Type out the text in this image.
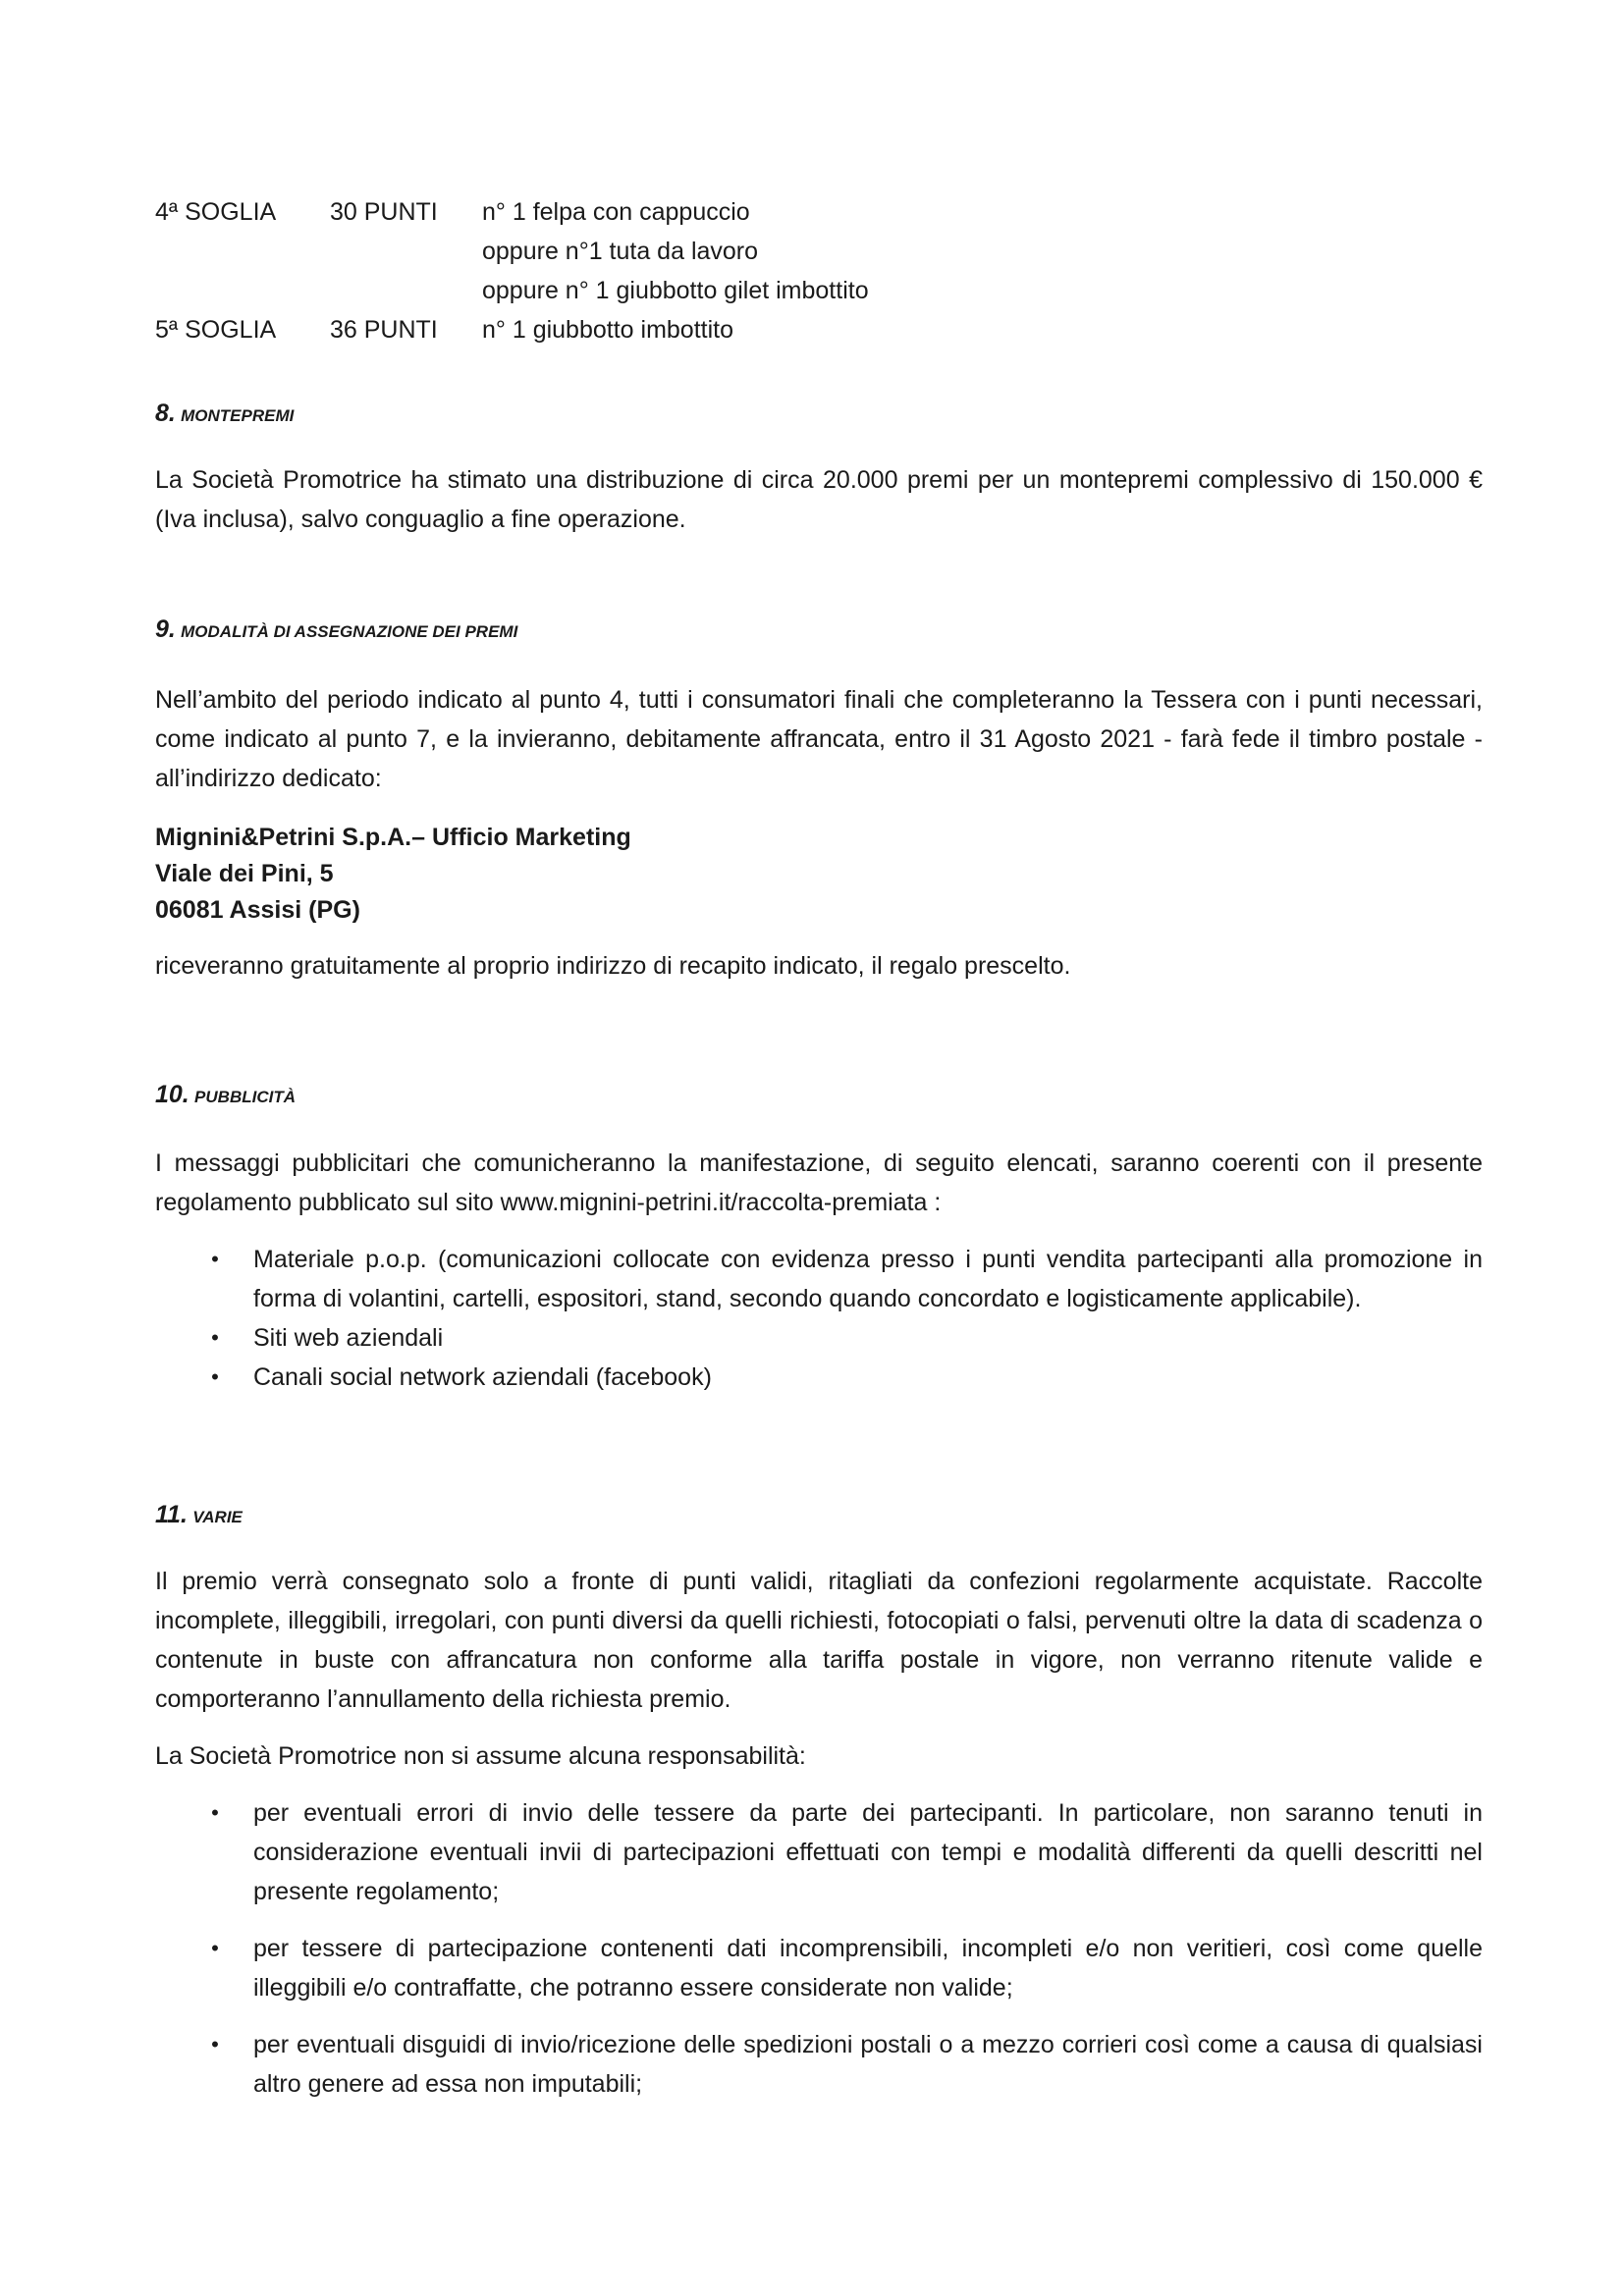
4ª SOGLIA	30 PUNTI	n° 1 felpa con cappuccio
oppure n°1 tuta da lavoro
oppure n° 1 giubbotto gilet imbottito
5ª SOGLIA	36 PUNTI	n° 1 giubbotto imbottito
8. MONTEPREMI

La Società Promotrice ha stimato una distribuzione di circa 20.000 premi per un montepremi complessivo di 150.000 € (Iva inclusa), salvo conguaglio a fine operazione.

9. MODALITÀ DI ASSEGNAZIONE DEI PREMI

Nell’ambito del periodo indicato al punto 4, tutti i consumatori finali che completeranno la Tessera con i punti necessari, come indicato al punto 7, e la invieranno, debitamente affrancata, entro il 31 Agosto 2021 - farà fede il timbro postale - all’indirizzo dedicato:

Mignini&Petrini S.p.A.– Ufficio Marketing
Viale dei Pini, 5
06081 Assisi (PG)

riceveranno gratuitamente al proprio indirizzo di recapito indicato, il regalo prescelto.

10. PUBBLICITÀ

I messaggi pubblicitari che comunicheranno la manifestazione, di seguito elencati, saranno coerenti con il presente regolamento pubblicato sul sito www.mignini-petrini.it/raccolta-premiata :

• Materiale p.o.p. (comunicazioni collocate con evidenza presso i punti vendita partecipanti alla promozione in forma di volantini, cartelli, espositori, stand, secondo quando concordato e logisticamente applicabile).
• Siti web aziendali
• Canali social network aziendali (facebook)
11. VARIE

Il premio verrà consegnato solo a fronte di punti validi, ritagliati da confezioni regolarmente acquistate. Raccolte incomplete, illeggibili, irregolari, con punti diversi da quelli richiesti, fotocopiati o falsi, pervenuti oltre la data di scadenza o contenute in buste con affrancatura non conforme alla tariffa postale in vigore, non verranno ritenute valide e comporteranno l’annullamento della richiesta premio.

La Società Promotrice non si assume alcuna responsabilità:

• per eventuali errori di invio delle tessere da parte dei partecipanti. In particolare, non saranno tenuti in considerazione eventuali invii di partecipazioni effettuati con tempi e modalità differenti da quelli descritti nel presente regolamento;
• per tessere di partecipazione contenenti dati incomprensibili, incompleti e/o non veritieri, così come quelle illeggibili e/o contraffatte, che potranno essere considerate non valide;
• per eventuali disguidi di invio/ricezione delle spedizioni postali o a mezzo corrieri così come a causa di qualsiasi altro genere ad essa non imputabili;
